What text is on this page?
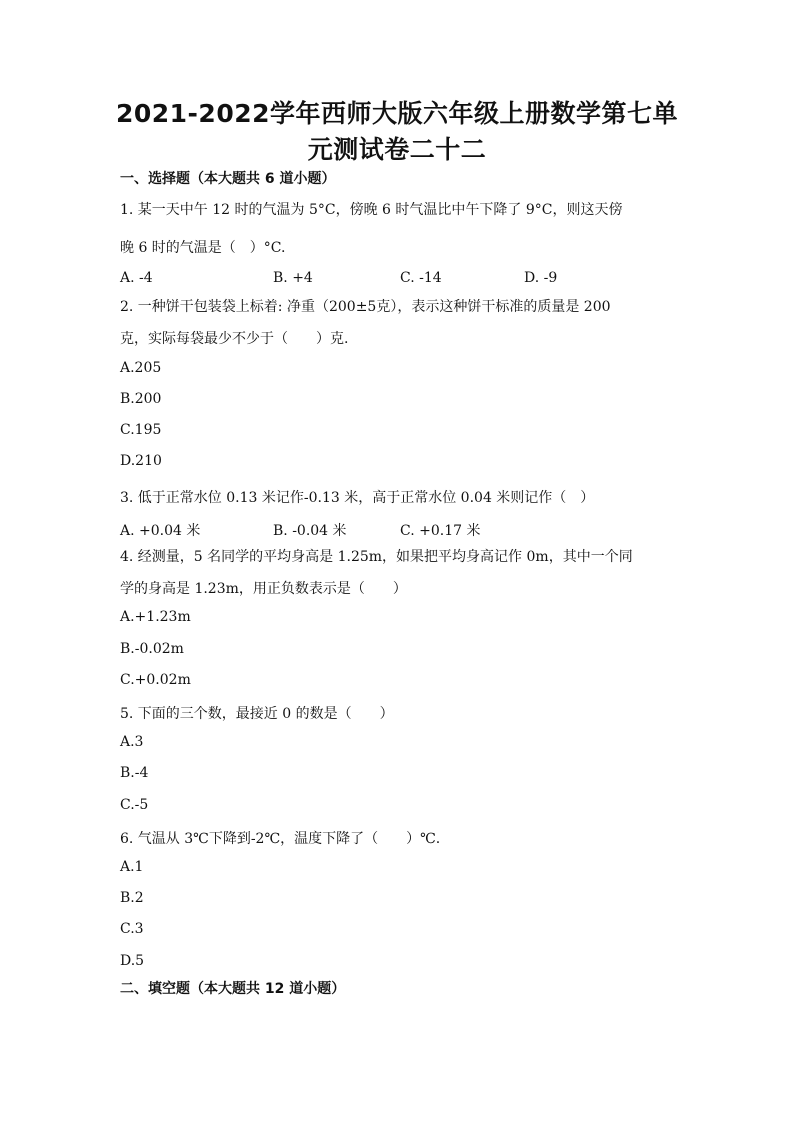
2021-2022学年西师大版六年级上册数学第七单
元测试卷二十二
一、选择题（本大题共 6 道小题）
1. 某一天中午 12 时的气温为 5°C，傍晚 6 时气温比中午下降了 9°C，则这天傍
晚 6 时的气温是（　）°C.
A. -4	B. +4	C. -14	D. -9
2. 一种饼干包装袋上标着: 净重（200±5克），表示这种饼干标准的质量是 200
克，实际每袋最少不少于（　　）克.
A.205
B.200
C.195
D.210
3. 低于正常水位 0.13 米记作-0.13 米，高于正常水位 0.04 米则记作（　）
A. +0.04 米	B. -0.04 米	C. +0.17 米
4. 经测量，5 名同学的平均身高是 1.25m，如果把平均身高记作 0m，其中一个同
学的身高是 1.23m，用正负数表示是（　　）
A.+1.23m
B.-0.02m
C.+0.02m
5. 下面的三个数，最接近 0 的数是（　　）
A.3
B.-4
C.-5
6. 气温从 3℃下降到-2℃，温度下降了（　　）℃.
A.1
B.2
C.3
D.5
二、填空题（本大题共 12 道小题）
